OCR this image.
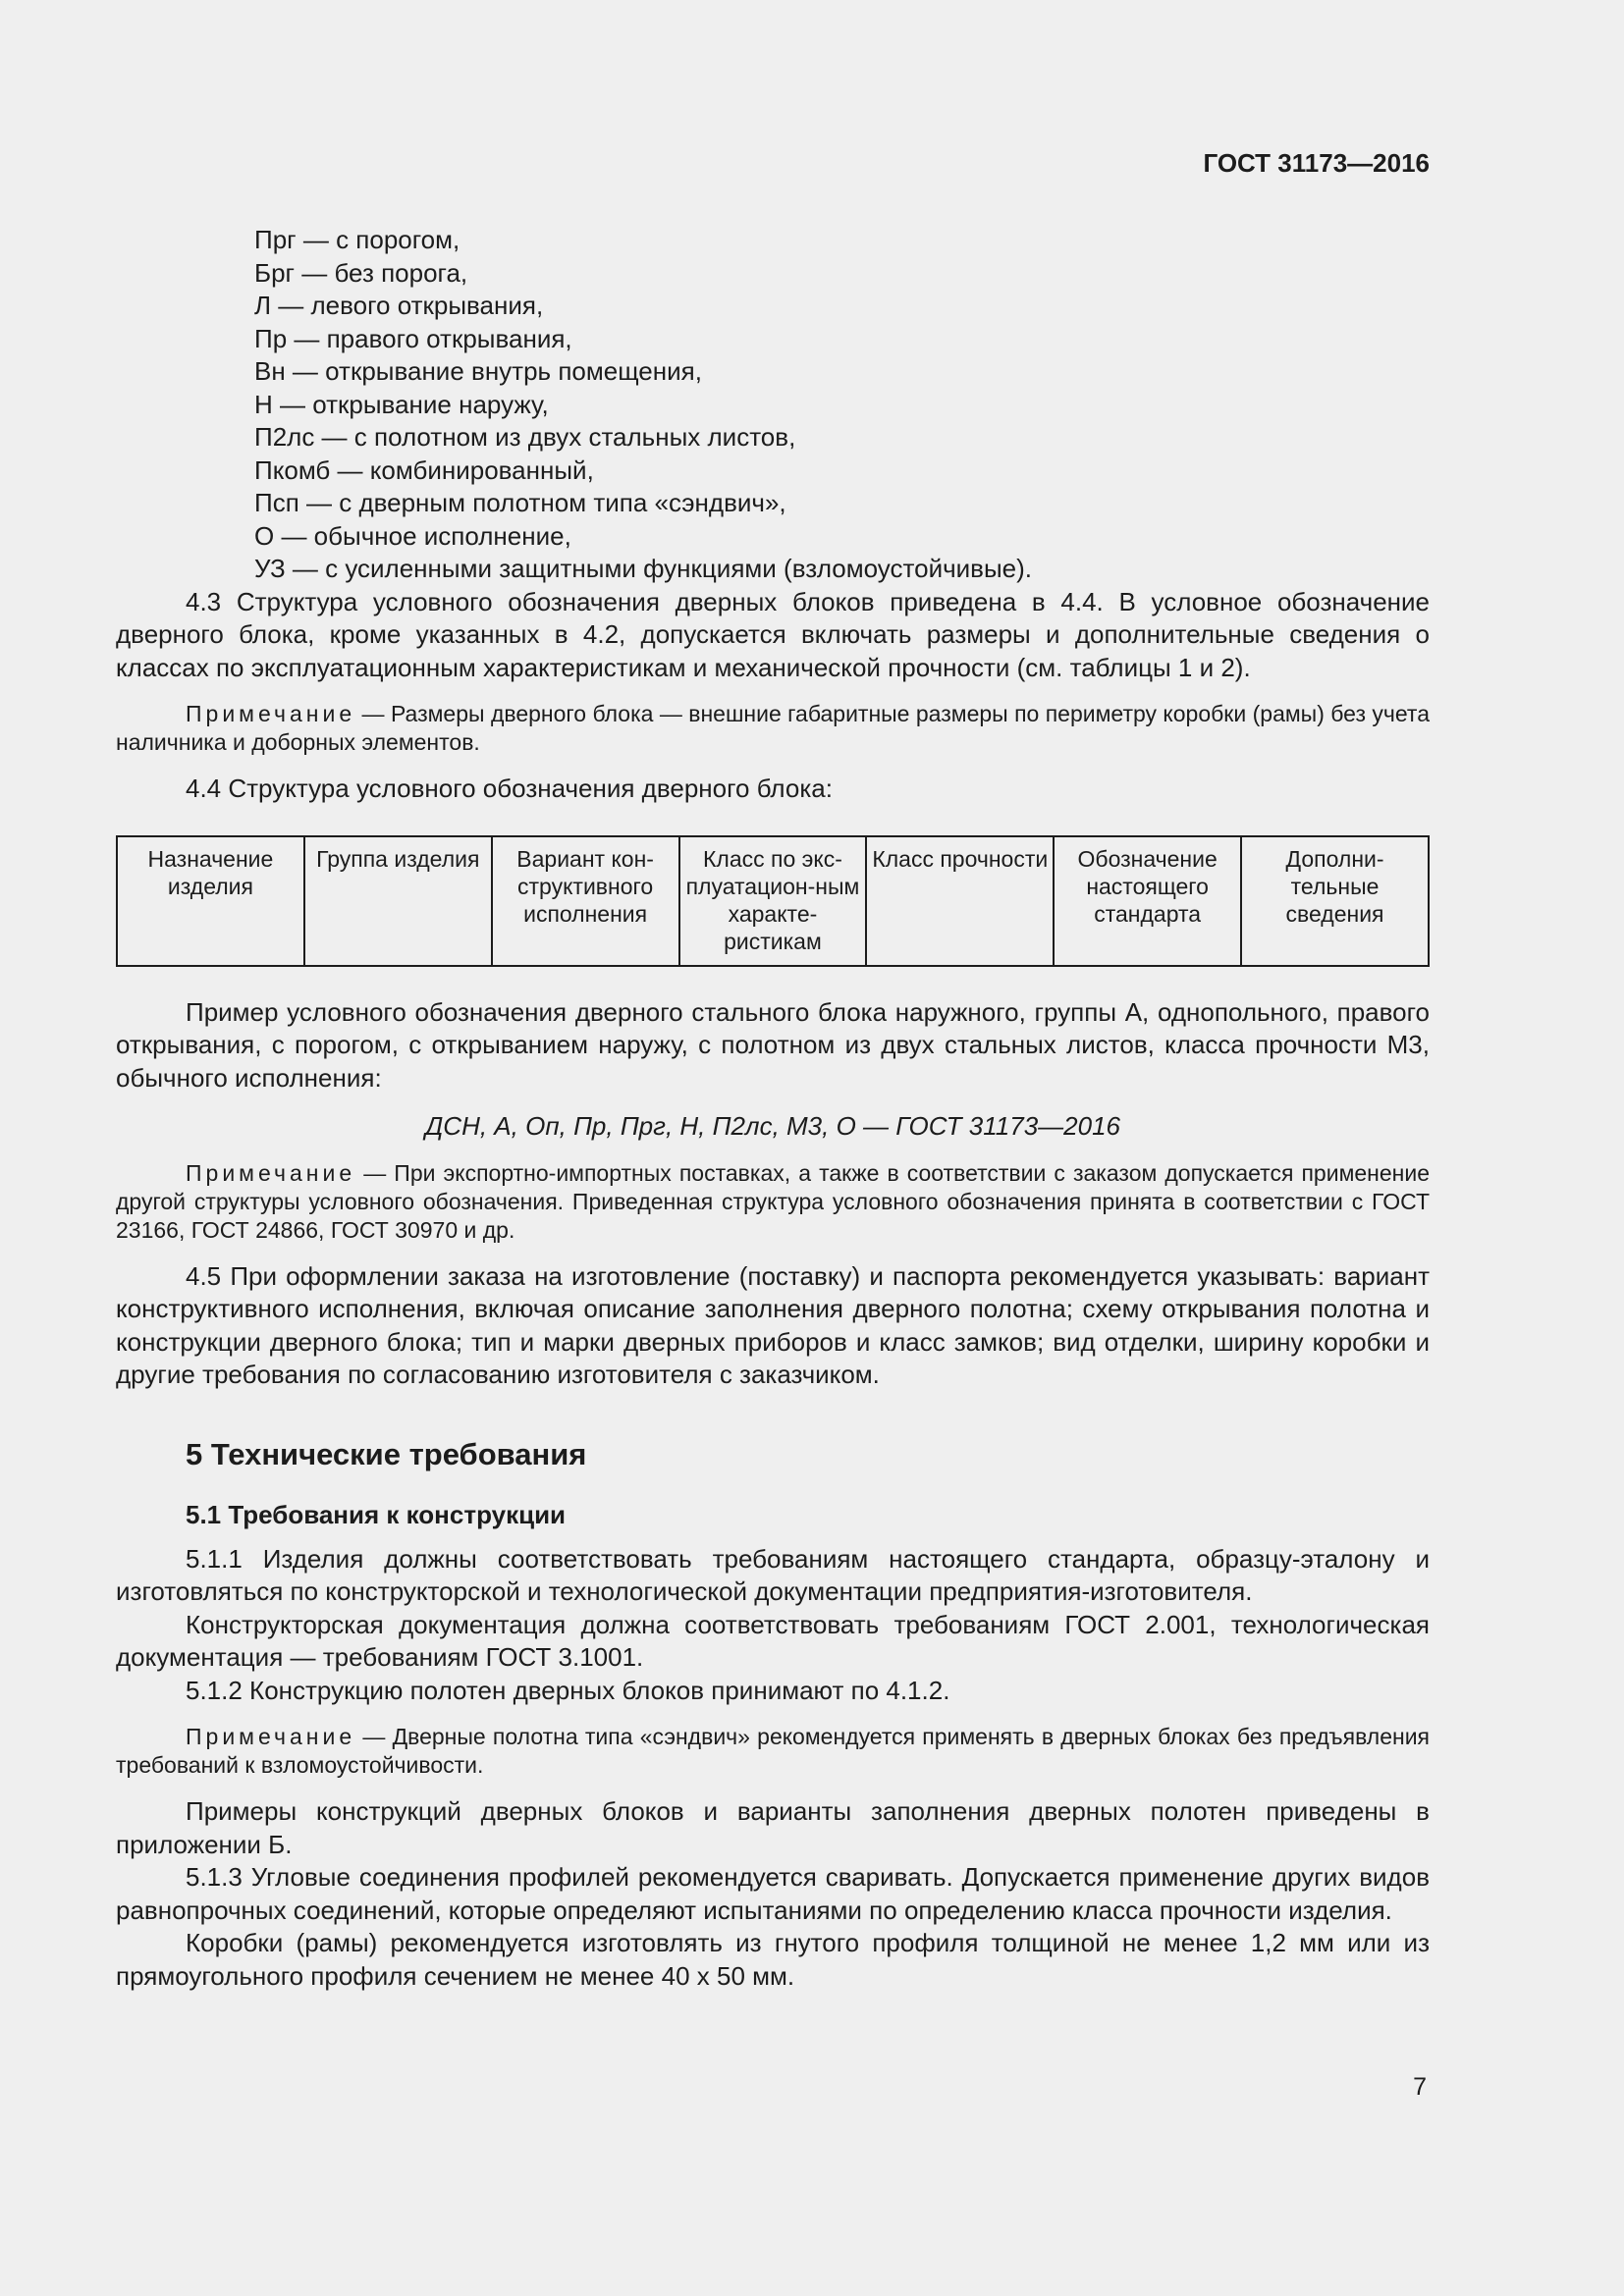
ГОСТ 31173—2016
Прг — с порогом,
Брг — без порога,
Л — левого открывания,
Пр — правого открывания,
Вн — открывание внутрь помещения,
Н — открывание наружу,
П2лс — с полотном из двух стальных листов,
Пкомб — комбинированный,
Псп — с дверным полотном типа «сэндвич»,
О — обычное исполнение,
УЗ — с усиленными защитными функциями (взломоустойчивые).

4.3 Структура условного обозначения дверных блоков приведена в 4.4. В условное обозначение дверного блока, кроме указанных в 4.2, допускается включать размеры и дополнительные сведения о классах по эксплуатационным характеристикам и механической прочности (см. таблицы 1 и 2).

Примечание — Размеры дверного блока — внешние габаритные размеры по периметру коробки (рамы) без учета наличника и доборных элементов.

4.4 Структура условного обозначения дверного блока:

Назначение изделия	Группа изделия	Вариант кон-структивного исполнения	Класс по экс-плуатацион-ным характе-ристикам	Класс прочности	Обозначение настоящего стандарта	Дополни-тельные сведения

Пример условного обозначения дверного стального блока наружного, группы А, однопольного, правого открывания, с порогом, с открыванием наружу, с полотном из двух стальных листов, класса прочности М3, обычного исполнения:

ДСН, А, Оп, Пр, Прг, Н, П2лс, М3, О — ГОСТ 31173—2016

Примечание — При экспортно-импортных поставках, а также в соответствии с заказом допускается применение другой структуры условного обозначения. Приведенная структура условного обозначения принята в соответствии с ГОСТ 23166, ГОСТ 24866, ГОСТ 30970 и др.

4.5 При оформлении заказа на изготовление (поставку) и паспорта рекомендуется указывать: вариант конструктивного исполнения, включая описание заполнения дверного полотна; схему открывания полотна и конструкции дверного блока; тип и марки дверных приборов и класс замков; вид отделки, ширину коробки и другие требования по согласованию изготовителя с заказчиком.

5 Технические требования
5.1 Требования к конструкции

5.1.1 Изделия должны соответствовать требованиям настоящего стандарта, образцу-эталону и изготовляться по конструкторской и технологической документации предприятия-изготовителя.

Конструкторская документация должна соответствовать требованиям ГОСТ 2.001, технологическая документация — требованиям ГОСТ 3.1001.

5.1.2 Конструкцию полотен дверных блоков принимают по 4.1.2.

Примечание — Дверные полотна типа «сэндвич» рекомендуется применять в дверных блоках без предъявления требований к взломоустойчивости.

Примеры конструкций дверных блоков и варианты заполнения дверных полотен приведены в приложении Б.

5.1.3 Угловые соединения профилей рекомендуется сваривать. Допускается применение других видов равнопрочных соединений, которые определяют испытаниями по определению класса прочности изделия.

Коробки (рамы) рекомендуется изготовлять из гнутого профиля толщиной не менее 1,2 мм или из прямоугольного профиля сечением не менее 40 х 50 мм.

7
